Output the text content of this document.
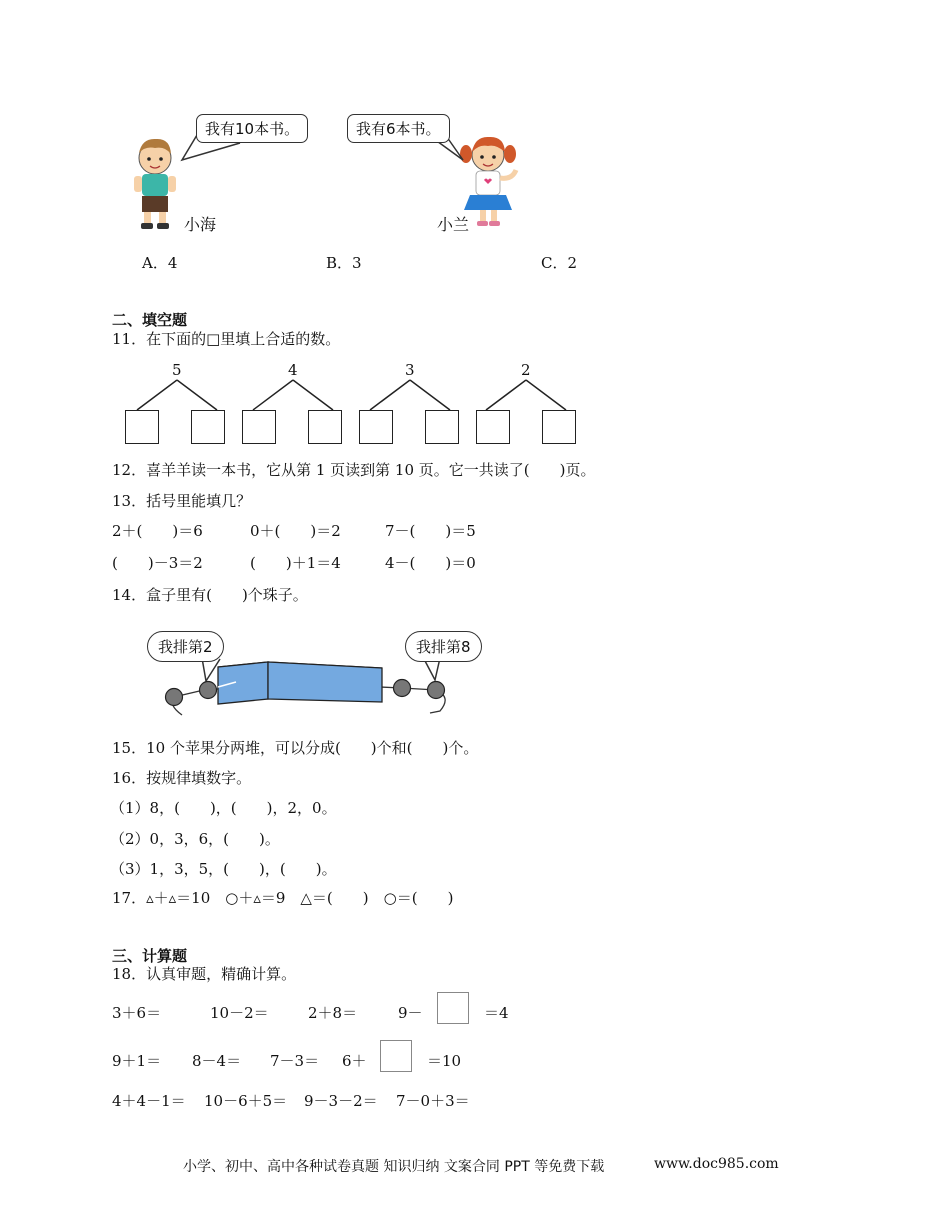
我有10本书。	我有6本书。
小海	小兰
A．4	B．3	C．2
二、填空题
11．在下面的□里填上合适的数。
5	4	3	2
12．喜羊羊读一本书，它从第 1 页读到第 10 页。它一共读了(　　)页。
13．括号里能填几？
2＋(　　)＝6	0＋(　　)＝2	7－(　　)＝5
(　　)－3＝2	(　　)＋1＝4	4－(　　)＝0
14．盒子里有(　　)个珠子。
我排第2	我排第8
15．10 个苹果分两堆，可以分成(　　)个和(　　)个。
16．按规律填数字。
（1）8，(　　)，(　　)，2，0。
（2）0，3，6，(　　)。
（3）1，3，5，(　　)，(　　)。
17．▵＋▵＝10　○＋▵＝9　△＝(　　)　○＝(　　)
三、计算题
18．认真审题，精确计算。
3＋6＝	10－2＝	2＋8＝	9－	＝4
9＋1＝ 8－4＝ 7－3＝ 6＋	＝10
4＋4－1＝ 10－6＋5＝ 9－3－2＝ 7－0＋3＝
小学、初中、高中各种试卷真题 知识归纳 文案合同 PPT 等免费下载	www.doc985.com
